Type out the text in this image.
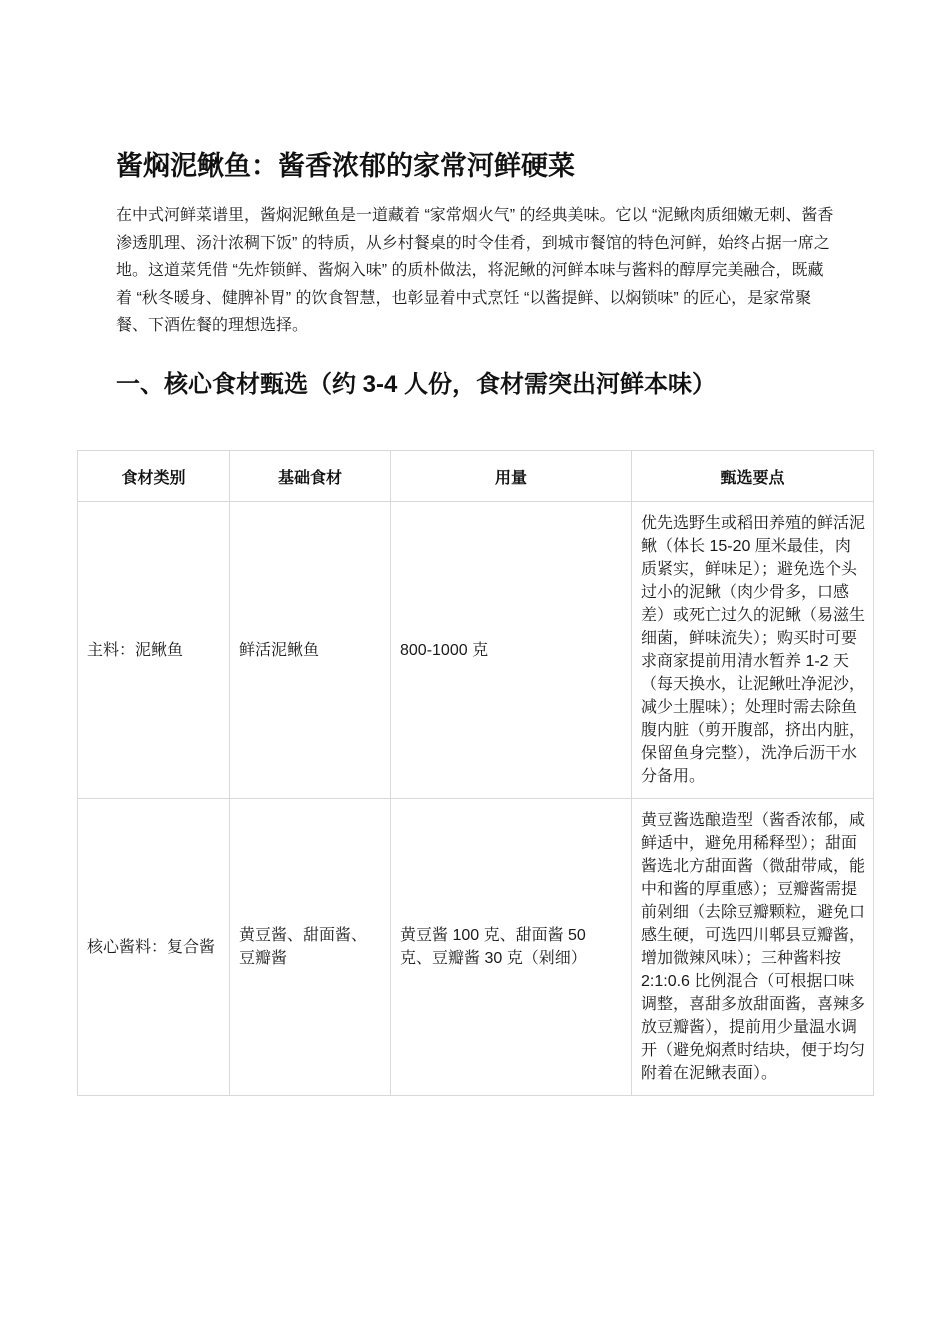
酱焖泥鳅鱼：酱香浓郁的家常河鲜硬菜

在中式河鲜菜谱里，酱焖泥鳅鱼是一道藏着 “家常烟火气” 的经典美味。它以 “泥鳅肉质细嫩无刺、酱香渗透肌理、汤汁浓稠下饭” 的特质，从乡村餐桌的时令佳肴，到城市餐馆的特色河鲜，始终占据一席之地。这道菜凭借 “先炸锁鲜、酱焖入味” 的质朴做法，将泥鳅的河鲜本味与酱料的醇厚完美融合，既藏着 “秋冬暖身、健脾补胃” 的饮食智慧，也彰显着中式烹饪 “以酱提鲜、以焖锁味” 的匠心，是家常聚餐、下酒佐餐的理想选择。

一、核心食材甄选（约 3-4 人份，食材需突出河鲜本味）
食材类别	基础食材	用量	甄选要点
主料：泥鳅鱼	鲜活泥鳅鱼	800-1000 克	优先选野生或稻田养殖的鲜活泥鳅（体长 15-20 厘米最佳，肉质紧实，鲜味足）；避免选个头过小的泥鳅（肉少骨多，口感差）或死亡过久的泥鳅（易滋生细菌，鲜味流失）；购买时可要求商家提前用清水暂养 1-2 天（每天换水，让泥鳅吐净泥沙，减少土腥味）；处理时需去除鱼腹内脏（剪开腹部，挤出内脏，保留鱼身完整），洗净后沥干水分备用。
核心酱料：复合酱	黄豆酱、甜面酱、豆瓣酱	黄豆酱 100 克、甜面酱 50 克、豆瓣酱 30 克（剁细）	黄豆酱选酿造型（酱香浓郁，咸鲜适中，避免用稀释型）；甜面酱选北方甜面酱（微甜带咸，能中和酱的厚重感）；豆瓣酱需提前剁细（去除豆瓣颗粒，避免口感生硬，可选四川郫县豆瓣酱，增加微辣风味）；三种酱料按 2:1:0.6 比例混合（可根据口味调整，喜甜多放甜面酱，喜辣多放豆瓣酱），提前用少量温水调开（避免焖煮时结块，便于均匀附着在泥鳅表面）。
